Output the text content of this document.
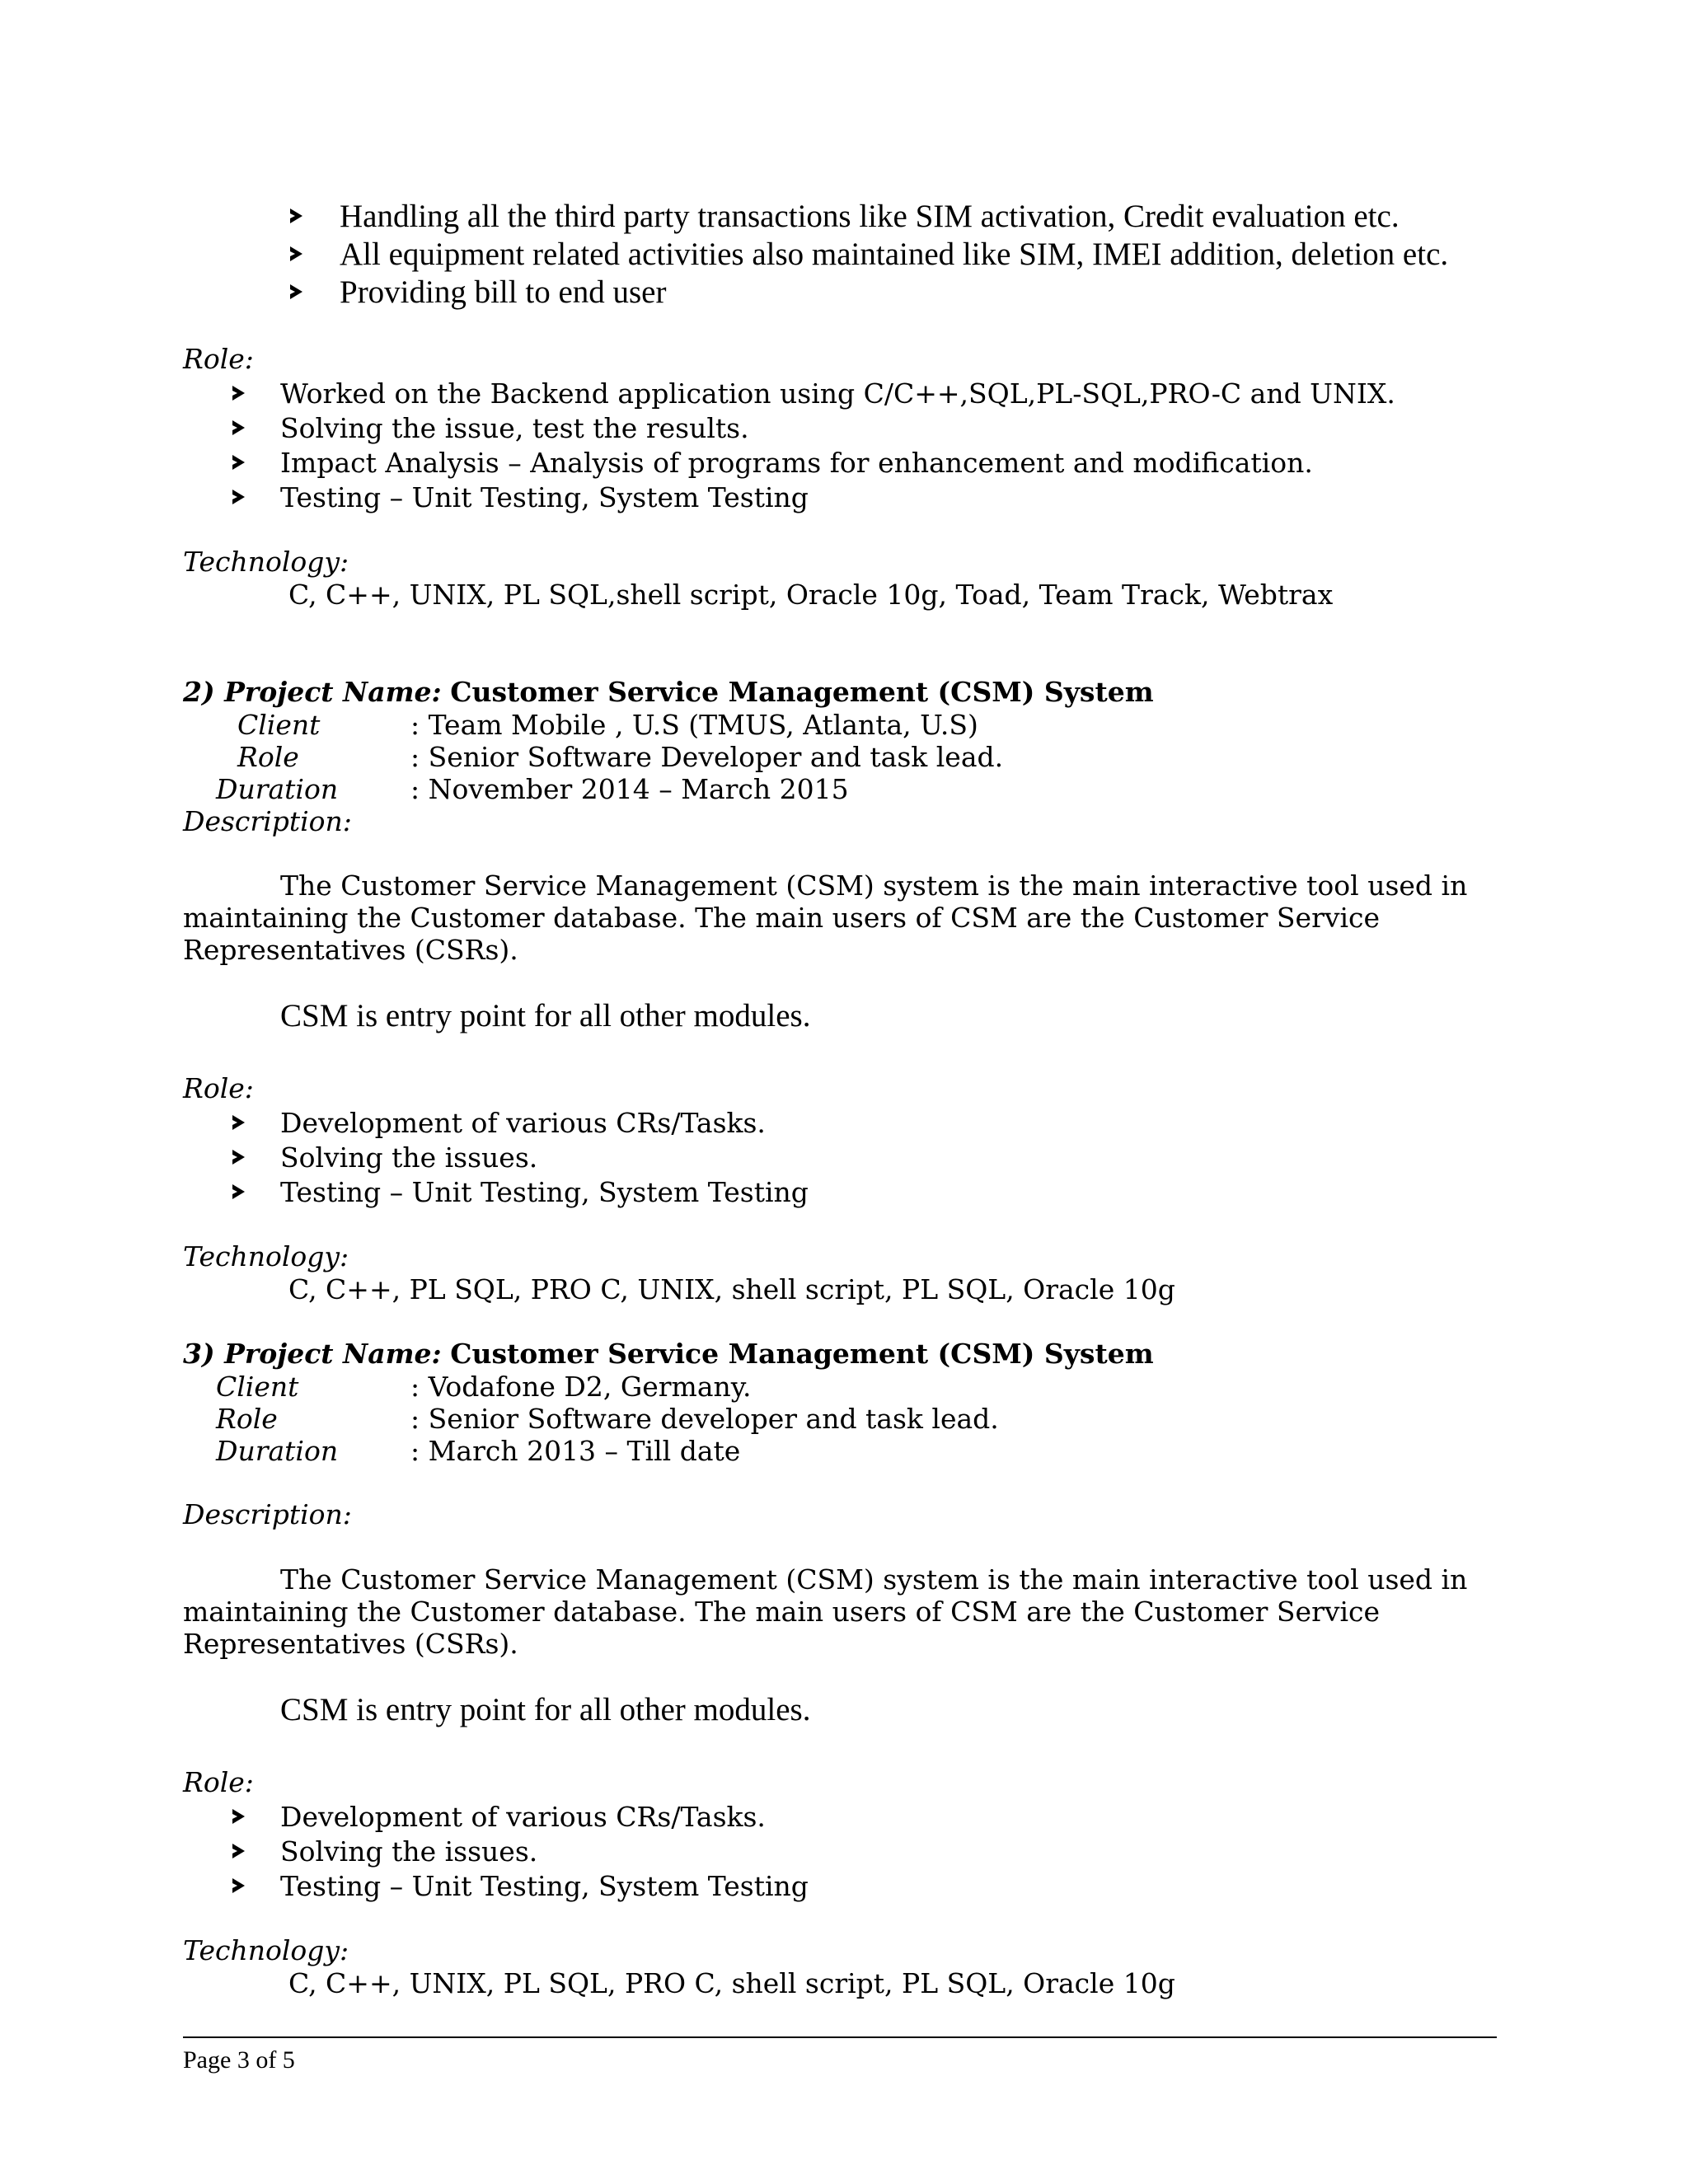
Handling all the third party transactions like SIM activation, Credit evaluation etc.
All equipment related activities also maintained like SIM, IMEI addition, deletion etc.
Providing bill to end user
Role:
Worked on the Backend application using C/C++,SQL,PL-SQL,PRO-C and UNIX.
Solving the issue, test the results.
Impact Analysis – Analysis of programs for enhancement and modification.
Testing – Unit Testing, System Testing
Technology:
C, C++, UNIX, PL SQL,shell script, Oracle 10g, Toad, Team Track, Webtrax
2) Project Name: Customer Service Management (CSM) System
Client	: Team Mobile , U.S (TMUS, Atlanta, U.S)
Role	: Senior Software Developer and task lead.
Duration	: November 2014 – March 2015
Description:
The Customer Service Management (CSM) system is the main interactive tool used in
maintaining the Customer database. The main users of CSM are the Customer Service
Representatives (CSRs).
CSM is entry point for all other modules.
Role:
Development of various CRs/Tasks.
Solving the issues.
Testing – Unit Testing, System Testing
Technology:
C, C++, PL SQL, PRO C, UNIX, shell script, PL SQL, Oracle 10g
3) Project Name: Customer Service Management (CSM) System
Client	: Vodafone D2, Germany.
Role	: Senior Software developer and task lead.
Duration	: March 2013 – Till date
Description:
The Customer Service Management (CSM) system is the main interactive tool used in
maintaining the Customer database. The main users of CSM are the Customer Service
Representatives (CSRs).
CSM is entry point for all other modules.
Role:
Development of various CRs/Tasks.
Solving the issues.
Testing – Unit Testing, System Testing
Technology:
C, C++, UNIX, PL SQL, PRO C, shell script, PL SQL, Oracle 10g
Page 3 of 5
